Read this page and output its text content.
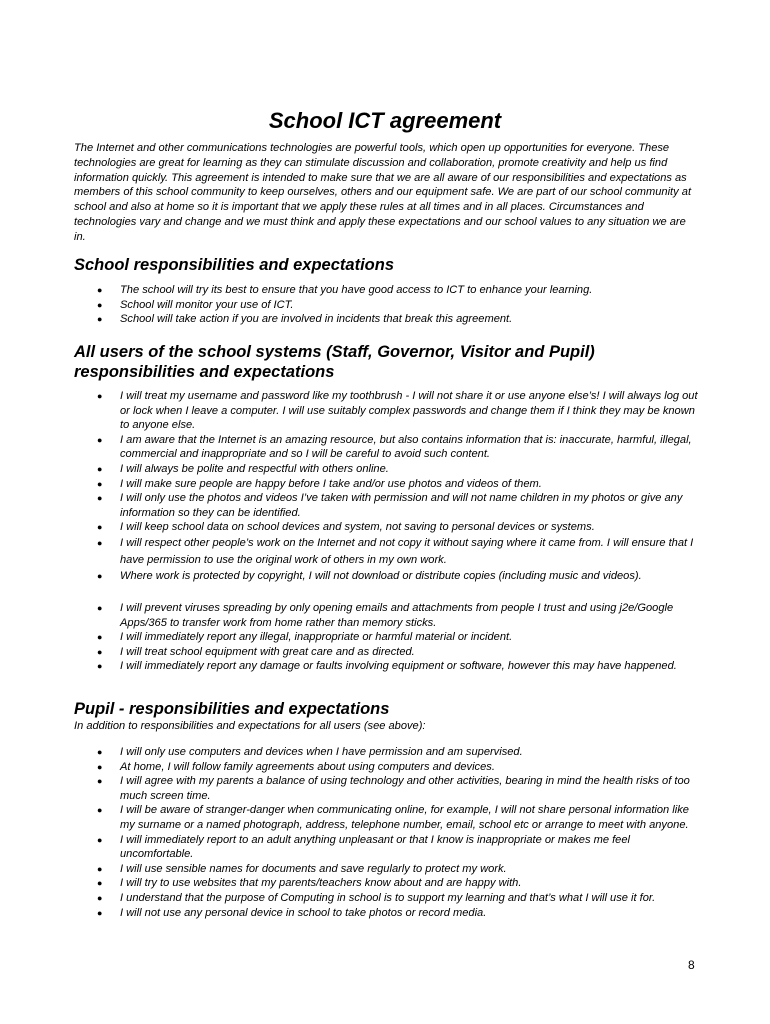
School ICT agreement

The Internet and other communications technologies are powerful tools, which open up opportunities for everyone. These technologies are great for learning as they can stimulate discussion and collaboration, promote creativity and help us find information quickly. This agreement is intended to make sure that we are all aware of our responsibilities and expectations as members of this school community to keep ourselves, others and our equipment safe. We are part of our school community at school and also at home so it is important that we apply these rules at all times and in all places. Circumstances and technologies vary and change and we must think and apply these expectations and our school values to any situation we are in.

School responsibilities and expectations
● The school will try its best to ensure that you have good access to ICT to enhance your learning.
● School will monitor your use of ICT.
● School will take action if you are involved in incidents that break this agreement.
All users of the school systems (Staff, Governor, Visitor and Pupil) responsibilities and expectations
● I will treat my username and password like my toothbrush - I will not share it or use anyone else’s! I will always log out or lock when I leave a computer. I will use suitably complex passwords and change them if I think they may be known to anyone else.
● I am aware that the Internet is an amazing resource, but also contains information that is: inaccurate, harmful, illegal, commercial and inappropriate and so I will be careful to avoid such content.
● I will always be polite and respectful with others online.
● I will make sure people are happy before I take and/or use photos and videos of them.
● I will only use the photos and videos I’ve taken with permission and will not name children in my photos or give any information so they can be identified.
● I will keep school data on school devices and system, not saving to personal devices or systems.
● I will respect other people’s work on the Internet and not copy it without saying where it came from. I will ensure that I have permission to use the original work of others in my own work.
● Where work is protected by copyright, I will not download or distribute copies (including music and videos).
● I will prevent viruses spreading by only opening emails and attachments from people I trust and using j2e/Google Apps/365 to transfer work from home rather than memory sticks.
● I will immediately report any illegal, inappropriate or harmful material or incident.
● I will treat school equipment with great care and as directed.
● I will immediately report any damage or faults involving equipment or software, however this may have happened.
Pupil - responsibilities and expectations

In addition to responsibilities and expectations for all users (see above):

● I will only use computers and devices when I have permission and am supervised.
● At home, I will follow family agreements about using computers and devices.
● I will agree with my parents a balance of using technology and other activities, bearing in mind the health risks of too much screen time.
● I will be aware of stranger-danger when communicating online, for example, I will not share personal information like my surname or a named photograph, address, telephone number, email, school etc or arrange to meet with anyone.
● I will immediately report to an adult anything unpleasant or that I know is inappropriate or makes me feel uncomfortable.
● I will use sensible names for documents and save regularly to protect my work.
● I will try to use websites that my parents/teachers know about and are happy with.
● I understand that the purpose of Computing in school is to support my learning and that’s what I will use it for.
● I will not use any personal device in school to take photos or record media.
8
